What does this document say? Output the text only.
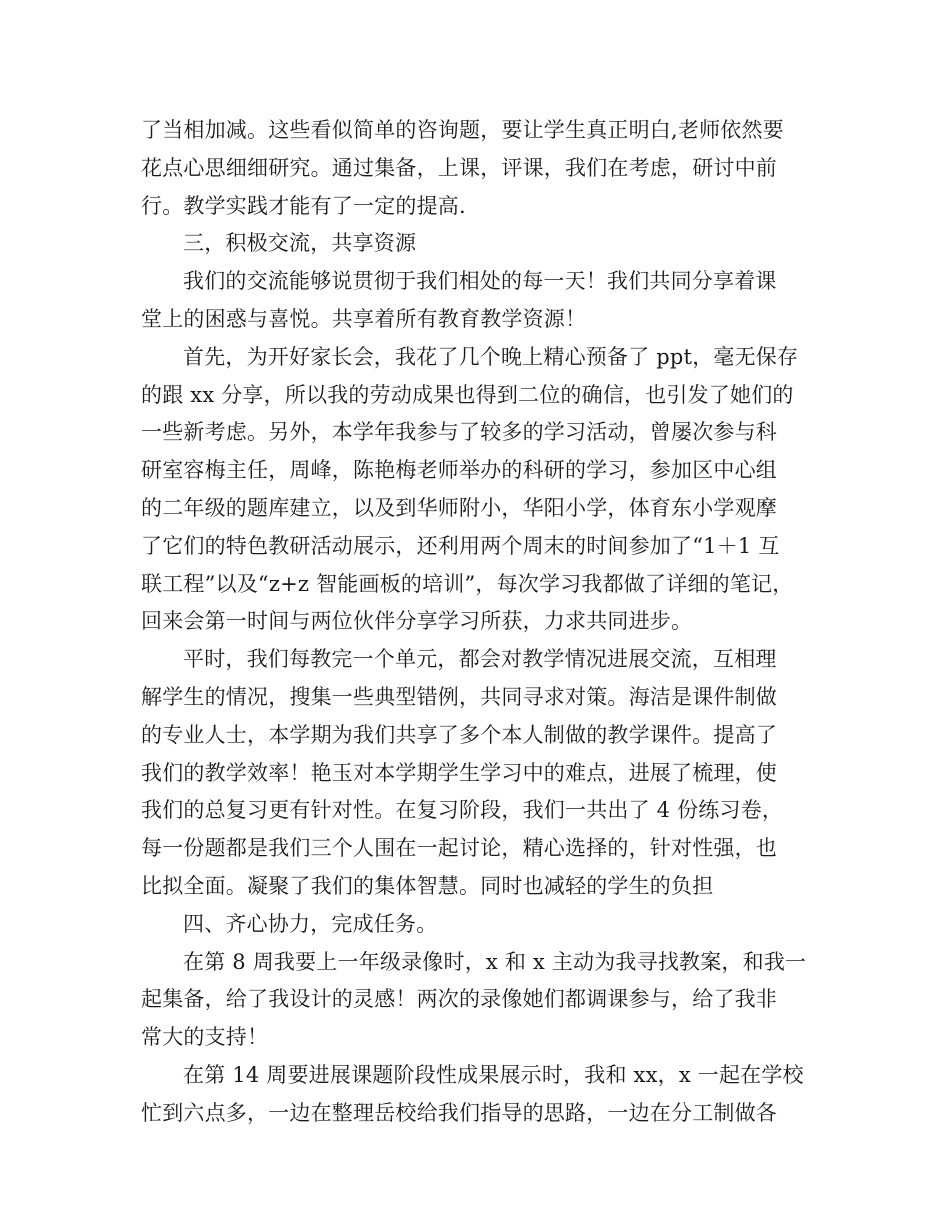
了当相加减。这些看似简单的咨询题，要让学生真正明白,老师依然要
花点心思细细研究。通过集备，上课，评课，我们在考虑，研讨中前
行。教学实践才能有了一定的提高.
三，积极交流，共享资源
我们的交流能够说贯彻于我们相处的每一天！我们共同分享着课
堂上的困惑与喜悦。共享着所有教育教学资源！
首先，为开好家长会，我花了几个晚上精心预备了 ppt，毫无保存
的跟 xx 分享，所以我的劳动成果也得到二位的确信，也引发了她们的
一些新考虑。另外，本学年我参与了较多的学习活动，曾屡次参与科
研室容梅主任，周峰，陈艳梅老师举办的科研的学习，参加区中心组
的二年级的题库建立，以及到华师附小，华阳小学，体育东小学观摩
了它们的特色教研活动展示，还利用两个周末的时间参加了“1＋1 互
联工程”以及“z+z 智能画板的培训”，每次学习我都做了详细的笔记，
回来会第一时间与两位伙伴分享学习所获，力求共同进步。
平时，我们每教完一个单元，都会对教学情况进展交流，互相理
解学生的情况，搜集一些典型错例，共同寻求对策。海洁是课件制做
的专业人士，本学期为我们共享了多个本人制做的教学课件。提高了
我们的教学效率！艳玉对本学期学生学习中的难点，进展了梳理，使
我们的总复习更有针对性。在复习阶段，我们一共出了 4 份练习卷，
每一份题都是我们三个人围在一起讨论，精心选择的，针对性强，也
比拟全面。凝聚了我们的集体智慧。同时也减轻的学生的负担
四、齐心协力，完成任务。
在第 8 周我要上一年级录像时，x 和 x 主动为我寻找教案，和我一
起集备，给了我设计的灵感！两次的录像她们都调课参与，给了我非
常大的支持！
在第 14 周要进展课题阶段性成果展示时，我和 xx，x 一起在学校
忙到六点多，一边在整理岳校给我们指导的思路，一边在分工制做各
